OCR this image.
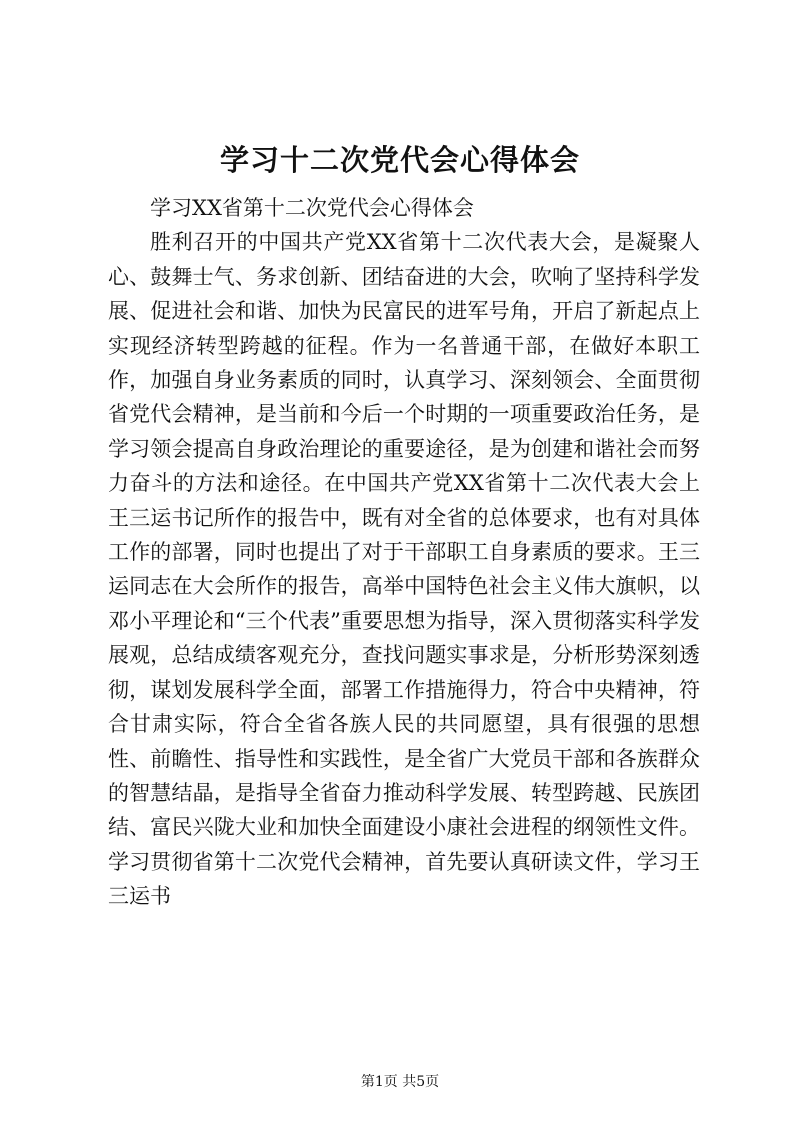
学习十二次党代会心得体会

学习XX省第十二次党代会心得体会

胜利召开的中国共产党XX省第十二次代表大会，是凝聚人心、鼓舞士气、务求创新、团结奋进的大会，吹响了坚持科学发展、促进社会和谐、加快为民富民的进军号角，开启了新起点上实现经济转型跨越的征程。作为一名普通干部，在做好本职工作，加强自身业务素质的同时，认真学习、深刻领会、全面贯彻省党代会精神，是当前和今后一个时期的一项重要政治任务，是学习领会提高自身政治理论的重要途径，是为创建和谐社会而努力奋斗的方法和途径。在中国共产党XX省第十二次代表大会上王三运书记所作的报告中，既有对全省的总体要求，也有对具体工作的部署，同时也提出了对于干部职工自身素质的要求。王三运同志在大会所作的报告，高举中国特色社会主义伟大旗帜，以邓小平理论和“三个代表”重要思想为指导，深入贯彻落实科学发展观，总结成绩客观充分，查找问题实事求是，分析形势深刻透彻，谋划发展科学全面，部署工作措施得力，符合中央精神，符合甘肃实际，符合全省各族人民的共同愿望，具有很强的思想性、前瞻性、指导性和实践性，是全省广大党员干部和各族群众的智慧结晶，是指导全省奋力推动科学发展、转型跨越、民族团结、富民兴陇大业和加快全面建设小康社会进程的纲领性文件。学习贯彻省第十二次党代会精神，首先要认真研读文件，学习王三运书

第1页 共5页
